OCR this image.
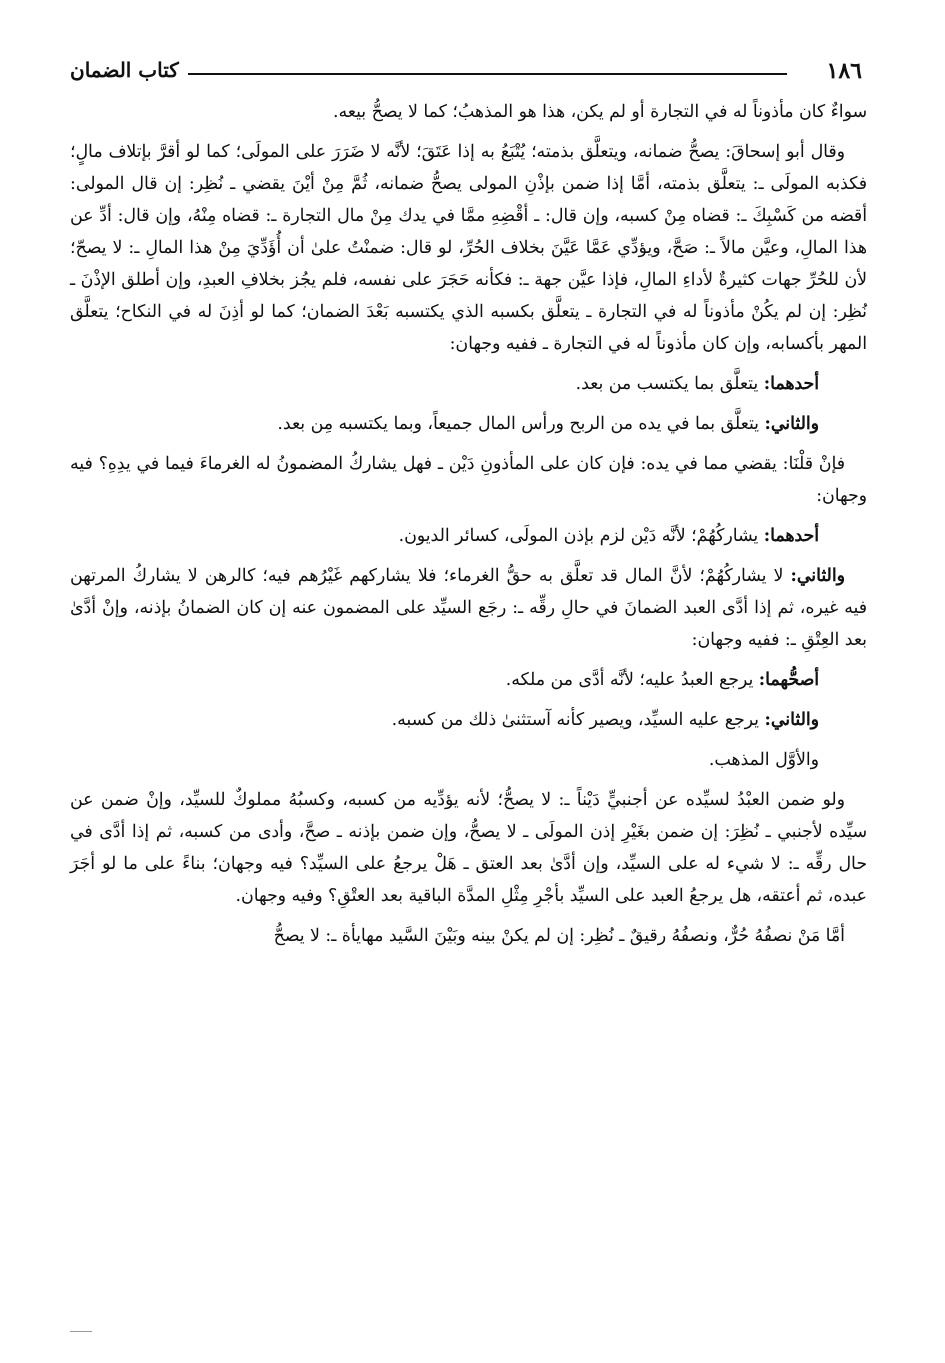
١٨٦
كتاب الضمان

سواءٌ كان مأذوناً له في التجارة أو لم يكن، هذا هو المذهبُ؛ كما لا يصحُّ بيعه.

وقال أبو إسحاقَ: يصحُّ ضمانه، ويتعلَّق بذمته؛ يُتْبَعُ به إذا عَتَقَ؛ لأنَّه لا ضَرَرَ على المولَى؛ كما لو أقرَّ بإتلاف مالٍ؛ فكذبه المولَى ـ: يتعلَّق بذمته، أمَّا إذا ضمن بإذْنِ المولى يصحُّ ضمانه، ثُمَّ مِنْ أيْنَ يقضي ـ نُظِر: إن قال المولى: أقضه من كَسْبِكَ ـ: قضاه مِنْ كسبه، وإن قال: ـ أقْضِهِ ممَّا في يدك مِنْ مال التجارة ـ: قضاه مِنْهُ، وإن قال: أدِّ عن هذا المالِ، وعيَّن مالاً ـ: صَحَّ، ويؤدِّي عَمَّا عَيَّنَ بخلاف الحُرِّ، لو قال: ضمنْتُ علىٰ أن أُؤَدِّيَ مِنْ هذا المالِ ـ: لا يصحّ؛ لأن للحُرِّ جهات كثيرةٌ لأداءِ المالِ، فإذا عيَّن جهة ـ: فكأنه حَجَرَ على نفسه، فلم يجُز بخلافِ العبدِ، وإن أطلق الإذْنَ ـ نُظِر: إن لم يكُنْ مأذوناً له في التجارة ـ يتعلَّق بكسبه الذي يكتسبه بَعْدَ الضمان؛ كما لو أذِنَ له في النكاح؛ يتعلَّق المهر بأكسابه، وإن كان مأذوناً له في التجارة ـ ففيه وجهان:

أحدهما: يتعلَّق بما يكتسب من بعد.

والثاني: يتعلَّق بما في يده من الربح ورأس المال جميعاً، وبما يكتسبه مِن بعد.

فإنْ قلْنَا: يقضي مما في يده: فإن كان على المأذونِ دَيْن ـ فهل يشاركُ المضمونُ له الغرماءَ فيما في يدِهِ؟ فيه وجهان:

أحدهما: يشاركُهُمْ؛ لأنَّه دَيْن لزم بإذن المولَى، كسائر الديون.

والثاني: لا يشاركُهُمْ؛ لأنَّ المال قد تعلَّق به حقُّ الغرماء؛ فلا يشاركهم غَيْرُهم فيه؛ كالرهن لا يشاركُ المرتهن فيه غيره، ثم إذا أدَّى العبد الضمانَ في حالِ رقِّه ـ: رجَع السيِّد على المضمون عنه إن كان الضمانُ بإذنه، وإنْ أدَّىٰ بعد العِتْقِ ـ: ففيه وجهان:

أصحُّهما: يرجع العبدُ عليه؛ لأنَّه أدَّى من ملكه.

والثاني: يرجع عليه السيِّد، ويصير كأنه آستثنىٰ ذلك من كسبه.

والأوَّل المذهب.

ولو ضمن العبْدُ لسيِّده عن أجنبيٍّ دَيْناً ـ: لا يصحُّ؛ لأنه يؤدِّيه من كسبه، وكسبُهُ مملوكٌ للسيِّد، وإنْ ضمن عن سيِّده لأجنبي ـ نُظِرَ: إن ضمن بغَيْرِ إذن المولَى ـ لا يصحُّ، وإن ضمن بإذنه ـ صحَّ، وأدى من كسبه، ثم إذا أدَّى في حال رقِّه ـ: لا شيء له على السيِّد، وإن أدَّىٰ بعد العتق ـ هَلْ يرجعُ على السيِّد؟ فيه وجهان؛ بناءً على ما لو أجَرَ عبده، ثم أعتقه، هل يرجعُ العبد على السيِّد بأجْرِ مِثْلِ المدَّة الباقية بعد العتْقِ؟ وفيه وجهان.

أمَّا مَنْ نصفُهُ حُرٌّ، ونصفُهُ رقيقٌ ـ نُظِر: إن لم يكنْ بينه وبَيْنَ السَّيد مهايأة ـ: لا يصحُّ
